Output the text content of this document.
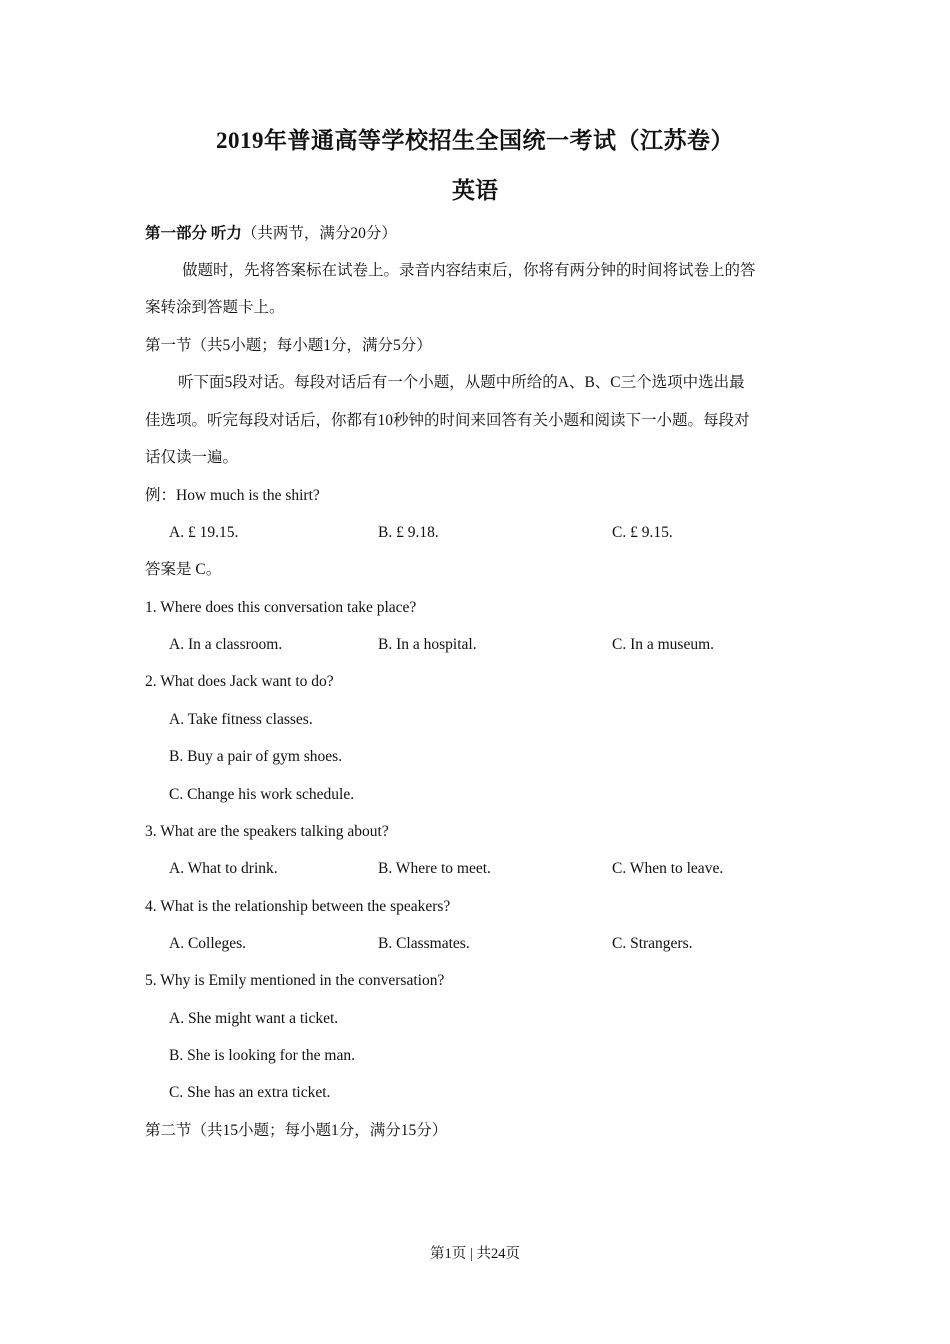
2019年普通高等学校招生全国统一考试（江苏卷）
英语
第一部分 听力（共两节，满分20分）
做题时，先将答案标在试卷上。录音内容结束后，你将有两分钟的时间将试卷上的答
案转涂到答题卡上。
第一节（共5小题；每小题1分，满分5分）
听下面5段对话。每段对话后有一个小题，从题中所给的A、B、C三个选项中选出最
佳选项。听完每段对话后，你都有10秒钟的时间来回答有关小题和阅读下一小题。每段对
话仅读一遍。
例：How much is the shirt?
A. £ 19.15.	B. £ 9.18.	C. £ 9.15.
答案是 C。
1. Where does this conversation take place?
A. In a classroom.	B. In a hospital.	C. In a museum.
2. What does Jack want to do?
A. Take fitness classes.
B. Buy a pair of gym shoes.
C. Change his work schedule.
3. What are the speakers talking about?
A. What to drink.	B. Where to meet.	C. When to leave.
4. What is the relationship between the speakers?
A. Colleges.	B. Classmates.	C. Strangers.
5. Why is Emily mentioned in the conversation?
A. She might want a ticket.
B. She is looking for the man.
C. She has an extra ticket.
第二节（共15小题；每小题1分，满分15分）
第1页 | 共24页
